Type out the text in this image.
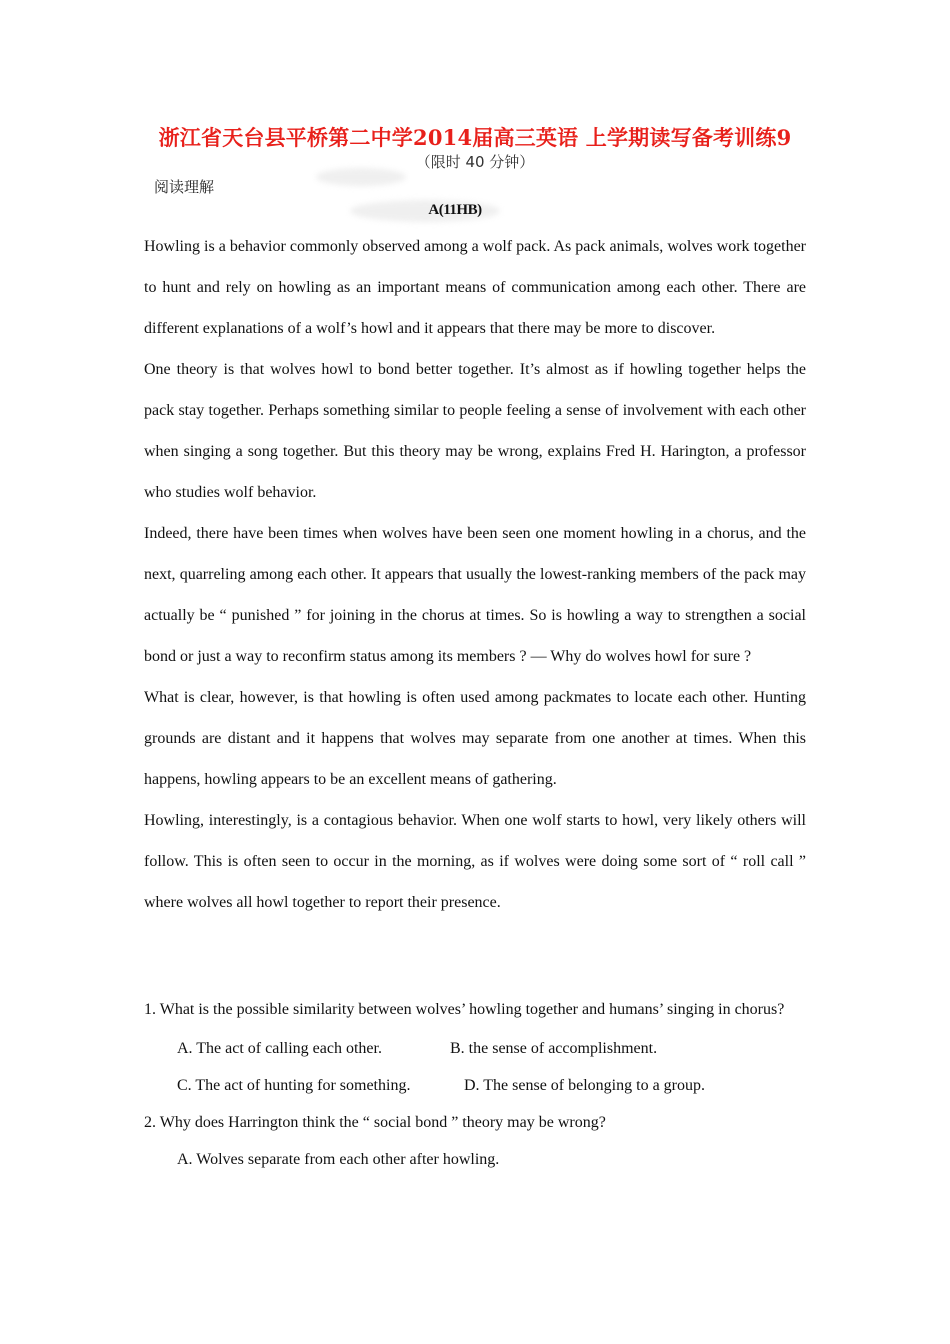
浙江省天台县平桥第二中学2014届高三英语 上学期读写备考训练9
（限时 40 分钟）
阅读理解
A(11HB)

Howling is a behavior commonly observed among a wolf pack. As pack animals, wolves work together to hunt and rely on howling as an important means of communication among each other. There are different explanations of a wolf’s howl and it appears that there may be more to discover.

One theory is that wolves howl to bond better together. It’s almost as if howling together helps the pack stay together. Perhaps something similar to people feeling a sense of involvement with each other when singing a song together. But this theory may be wrong, explains Fred H. Harington, a professor who studies wolf behavior.

Indeed, there have been times when wolves have been seen one moment howling in a chorus, and the next, quarreling among each other. It appears that usually the lowest-ranking members of the pack may actually be “ punished ” for joining in the chorus at times. So is howling a way to strengthen a social bond or just a way to reconfirm status among its members ? — Why do wolves howl for sure ?

What is clear, however, is that howling is often used among packmates to locate each other. Hunting grounds are distant and it happens that wolves may separate from one another at times. When this happens, howling appears to be an excellent means of gathering.

Howling, interestingly, is a contagious behavior. When one wolf starts to howl, very likely others will follow. This is often seen to occur in the morning, as if wolves were doing some sort of “ roll call ” where wolves all howl together to report their presence.

1. What is the possible similarity between wolves’ howling together and humans’ singing in chorus?

A. The act of calling each other.	B. the sense of accomplishment.
C. The act of hunting for something.	D. The sense of belonging to a group.

2. Why does Harrington think the “ social bond ” theory may be wrong?

A. Wolves separate from each other after howling.
